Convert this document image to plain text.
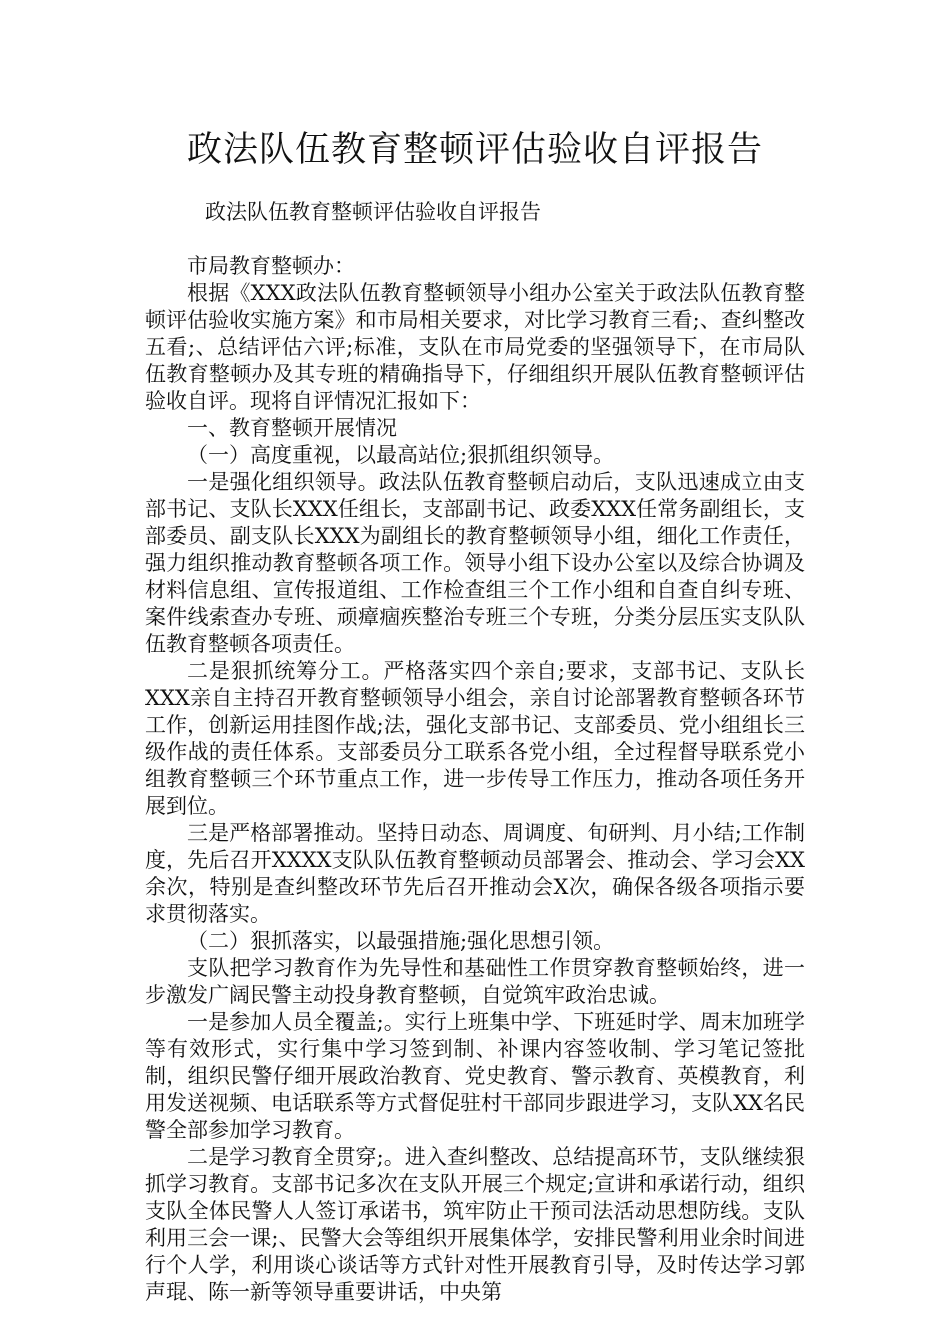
政法队伍教育整顿评估验收自评报告
政法队伍教育整顿评估验收自评报告

市局教育整顿办：

根据《XXX政法队伍教育整顿领导小组办公室关于政法队伍教育整顿评估验收实施方案》和市局相关要求，对比学习教育三看;、查纠整改五看;、总结评估六评;标准，支队在市局党委的坚强领导下，在市局队伍教育整顿办及其专班的精确指导下，仔细组织开展队伍教育整顿评估验收自评。现将自评情况汇报如下：

一、教育整顿开展情况

（一）高度重视，以最高站位;狠抓组织领导。

一是强化组织领导。政法队伍教育整顿启动后，支队迅速成立由支部书记、支队长XXX任组长，支部副书记、政委XXX任常务副组长，支部委员、副支队长XXX为副组长的教育整顿领导小组，细化工作责任，强力组织推动教育整顿各项工作。领导小组下设办公室以及综合协调及材料信息组、宣传报道组、工作检查组三个工作小组和自查自纠专班、案件线索查办专班、顽瘴痼疾整治专班三个专班，分类分层压实支队队伍教育整顿各项责任。

二是狠抓统筹分工。严格落实四个亲自;要求，支部书记、支队长XXX亲自主持召开教育整顿领导小组会，亲自讨论部署教育整顿各环节工作，创新运用挂图作战;法，强化支部书记、支部委员、党小组组长三级作战的责任体系。支部委员分工联系各党小组，全过程督导联系党小组教育整顿三个环节重点工作，进一步传导工作压力，推动各项任务开展到位。

三是严格部署推动。坚持日动态、周调度、旬研判、月小结;工作制度，先后召开XXXX支队队伍教育整顿动员部署会、推动会、学习会XX余次，特别是查纠整改环节先后召开推动会X次，确保各级各项指示要求贯彻落实。

（二）狠抓落实，以最强措施;强化思想引领。

支队把学习教育作为先导性和基础性工作贯穿教育整顿始终，进一步激发广阔民警主动投身教育整顿，自觉筑牢政治忠诚。

一是参加人员全覆盖;。实行上班集中学、下班延时学、周末加班学等有效形式，实行集中学习签到制、补课内容签收制、学习笔记签批制，组织民警仔细开展政治教育、党史教育、警示教育、英模教育，利用发送视频、电话联系等方式督促驻村干部同步跟进学习，支队XX名民警全部参加学习教育。

二是学习教育全贯穿;。进入查纠整改、总结提高环节，支队继续狠抓学习教育。支部书记多次在支队开展三个规定;宣讲和承诺行动，组织支队全体民警人人签订承诺书，筑牢防止干预司法活动思想防线。支队利用三会一课;、民警大会等组织开展集体学，安排民警利用业余时间进行个人学，利用谈心谈话等方式针对性开展教育引导，及时传达学习郭声琨、陈一新等领导重要讲话，中央第
